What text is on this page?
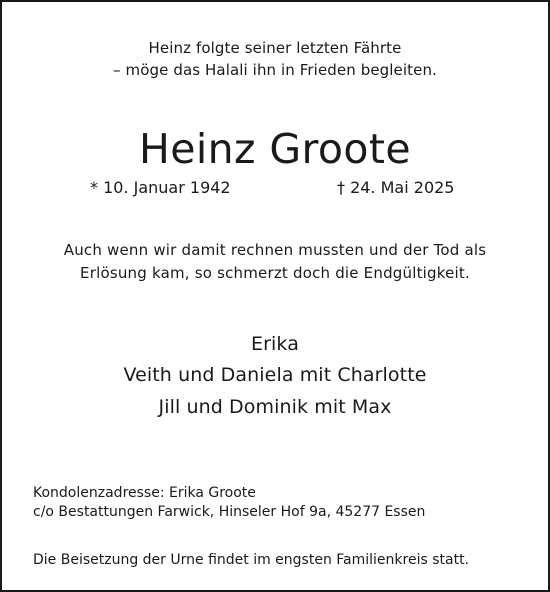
Heinz folgte seiner letzten Fährte
– möge das Halali ihn in Frieden begleiten.
Heinz Groote
* 10. Januar 1942	† 24. Mai 2025
Auch wenn wir damit rechnen mussten und der Tod als
Erlösung kam, so schmerzt doch die Endgültigkeit.
Erika
Veith und Daniela mit Charlotte
Jill und Dominik mit Max
Kondolenzadresse: Erika Groote
c/o Bestattungen Farwick, Hinseler Hof 9a, 45277 Essen
Die Beisetzung der Urne findet im engsten Familienkreis statt.
